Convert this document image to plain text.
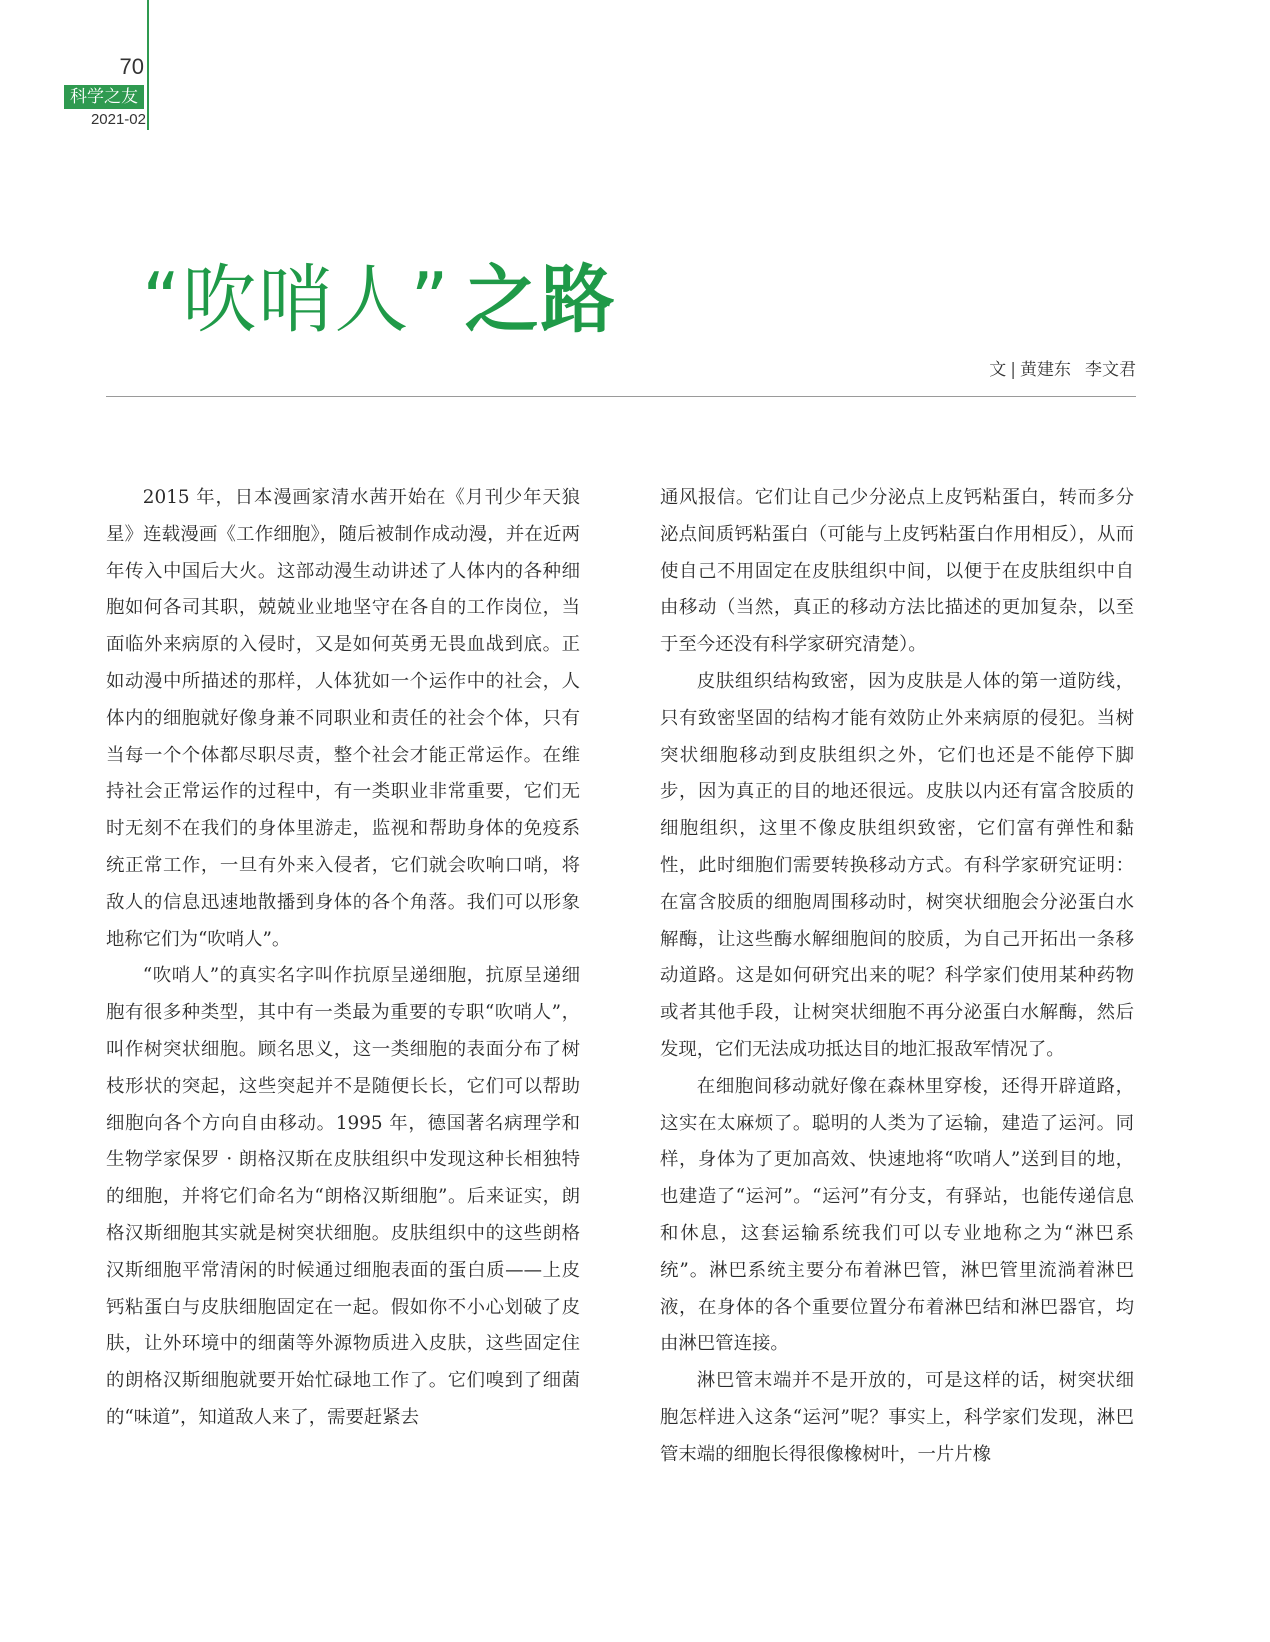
70
科学之友
2021-02
“吹哨人” 之路
文 | 黄建东 李文君

2015 年，日本漫画家清水茜开始在《月刊少年天狼星》连载漫画《工作细胞》，随后被制作成动漫，并在近两年传入中国后大火。这部动漫生动讲述了人体内的各种细胞如何各司其职，兢兢业业地坚守在各自的工作岗位，当面临外来病原的入侵时，又是如何英勇无畏血战到底。正如动漫中所描述的那样，人体犹如一个运作中的社会，人体内的细胞就好像身兼不同职业和责任的社会个体，只有当每一个个体都尽职尽责，整个社会才能正常运作。在维持社会正常运作的过程中，有一类职业非常重要，它们无时无刻不在我们的身体里游走，监视和帮助身体的免疫系统正常工作，一旦有外来入侵者，它们就会吹响口哨，将敌人的信息迅速地散播到身体的各个角落。我们可以形象地称它们为“吹哨人”。

“吹哨人”的真实名字叫作抗原呈递细胞，抗原呈递细胞有很多种类型，其中有一类最为重要的专职“吹哨人”，叫作树突状细胞。顾名思义，这一类细胞的表面分布了树枝形状的突起，这些突起并不是随便长长，它们可以帮助细胞向各个方向自由移动。1995 年，德国著名病理学和生物学家保罗 · 朗格汉斯在皮肤组织中发现这种长相独特的细胞，并将它们命名为“朗格汉斯细胞”。后来证实，朗格汉斯细胞其实就是树突状细胞。皮肤组织中的这些朗格汉斯细胞平常清闲的时候通过细胞表面的蛋白质——上皮钙粘蛋白与皮肤细胞固定在一起。假如你不小心划破了皮肤，让外环境中的细菌等外源物质进入皮肤，这些固定住的朗格汉斯细胞就要开始忙碌地工作了。它们嗅到了细菌的“味道”，知道敌人来了，需要赶紧去

通风报信。它们让自己少分泌点上皮钙粘蛋白，转而多分泌点间质钙粘蛋白（可能与上皮钙粘蛋白作用相反），从而使自己不用固定在皮肤组织中间，以便于在皮肤组织中自由移动（当然，真正的移动方法比描述的更加复杂，以至于至今还没有科学家研究清楚）。

皮肤组织结构致密，因为皮肤是人体的第一道防线，只有致密坚固的结构才能有效防止外来病原的侵犯。当树突状细胞移动到皮肤组织之外，它们也还是不能停下脚步，因为真正的目的地还很远。皮肤以内还有富含胶质的细胞组织，这里不像皮肤组织致密，它们富有弹性和黏性，此时细胞们需要转换移动方式。有科学家研究证明：在富含胶质的细胞周围移动时，树突状细胞会分泌蛋白水解酶，让这些酶水解细胞间的胶质，为自己开拓出一条移动道路。这是如何研究出来的呢？科学家们使用某种药物或者其他手段，让树突状细胞不再分泌蛋白水解酶，然后发现，它们无法成功抵达目的地汇报敌军情况了。

在细胞间移动就好像在森林里穿梭，还得开辟道路，这实在太麻烦了。聪明的人类为了运输，建造了运河。同样，身体为了更加高效、快速地将“吹哨人”送到目的地，也建造了“运河”。“运河”有分支，有驿站，也能传递信息和休息，这套运输系统我们可以专业地称之为“淋巴系统”。淋巴系统主要分布着淋巴管，淋巴管里流淌着淋巴液，在身体的各个重要位置分布着淋巴结和淋巴器官，均由淋巴管连接。

淋巴管末端并不是开放的，可是这样的话，树突状细胞怎样进入这条“运河”呢？事实上，科学家们发现，淋巴管末端的细胞长得很像橡树叶，一片片橡
